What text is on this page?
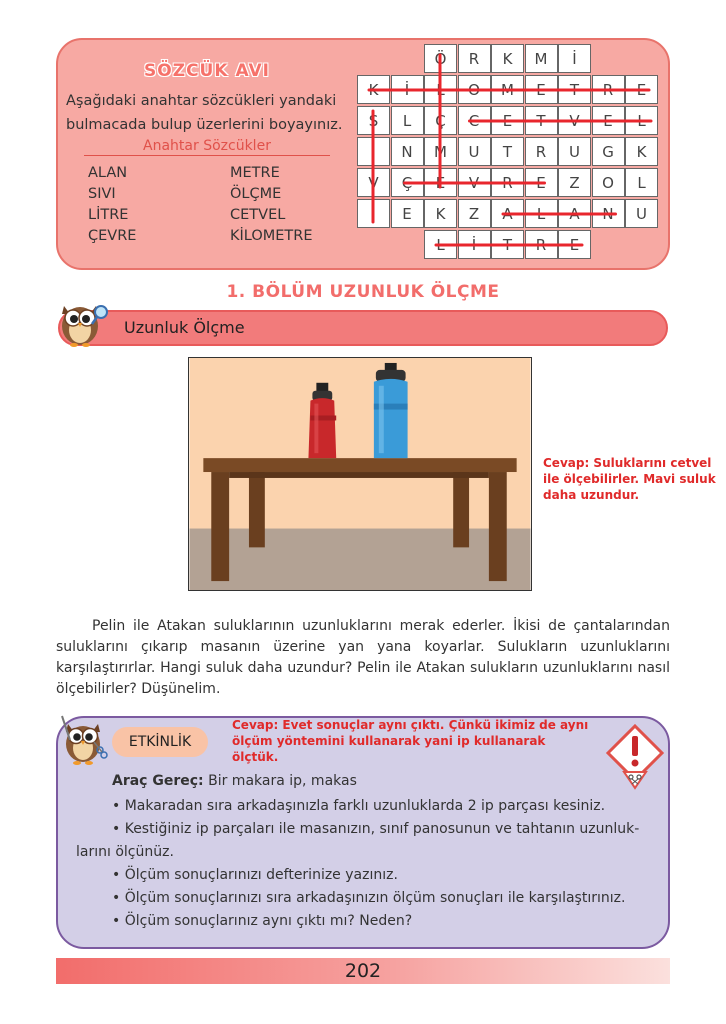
SÖZCÜK AVI
Aşağıdaki anahtar sözcükleri yandaki bulmacada bulup üzerlerini boyayınız.
Anahtar Sözcükler
ALAN
SIVI
LİTRE
ÇEVRE
METRE
ÖLÇME
CETVEL
KİLOMETRE	E
R
T
İ
L
U
N
A
L
A
Z
K
E
I
L
O
Z
E
R
V
E
Ç
V
K
G
U
R
T
U
M
N
I
L
E
V
T
E
C
Ç
L
S
E
R
T
E
M
O
L
İ
K
İ
M
K
R
Ö
1. BÖLÜM UZUNLUK ÖLÇME
Uzunluk Ölçme
Cevap: Suluklarını cetvel ile ölçebilirler. Mavi suluk daha uzundur.

Pelin ile Atakan suluklarının uzunluklarını merak ederler. İkisi de çantalarından suluklarını çıkarıp masanın üzerine yan yana koyarlar. Sulukların uzunluklarını karşılaştırırlar. Hangi suluk daha uzundur? Pelin ile Atakan sulukların uzunluklarını nasıl ölçebilirler? Düşünelim.

ETKİNLİK
Cevap: Evet sonuçlar aynı çıktı. Çünkü ikimiz de aynı ölçüm yöntemini kullanarak yani ip kullanarak ölçtük.
Araç Gereç: Bir makara ip, makas
• Makaradan sıra arkadaşınızla farklı uzunluklarda 2 ip parçası kesiniz.
• Kestiğiniz ip parçaları ile masanızın, sınıf panosunun ve tahtanın uzunluk-
larını ölçünüz.
• Ölçüm sonuçlarınızı defterinize yazınız.
• Ölçüm sonuçlarınızı sıra arkadaşınızın ölçüm sonuçları ile karşılaştırınız.
• Ölçüm sonuçlarınız aynı çıktı mı? Neden?
202
